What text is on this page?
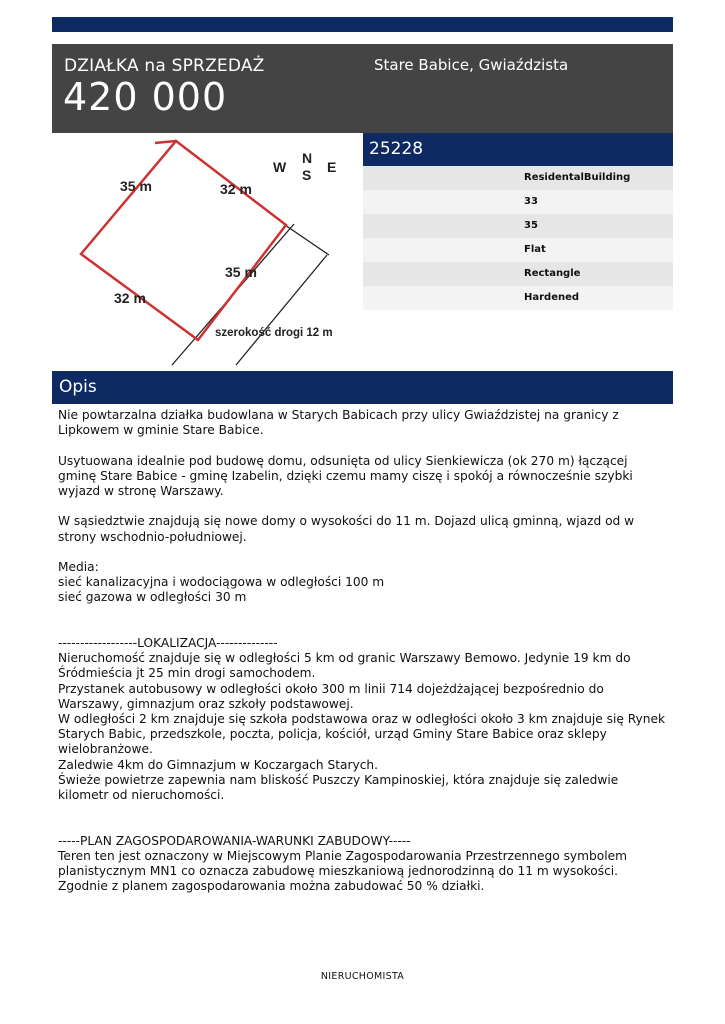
DZIAŁKA na SPRZEDAŻ
420 000
Stare Babice, Gwiaździsta
35 m	32 m
35 m
32 m
szerokość drogi 12 m
W
N
S E
25228
ResidentalBuilding
33
35
Flat
Rectangle
Hardened
Opis
Nie powtarzalna działka budowlana w Starych Babicach przy ulicy Gwiaździstej na granicy z
Lipkowem w gminie Stare Babice.

Usytuowana idealnie pod budowę domu, odsunięta od ulicy Sienkiewicza (ok 270 m) łączącej
gminę Stare Babice - gminę Izabelin, dzięki czemu mamy ciszę i spokój a równocześnie szybki
wyjazd w stronę Warszawy.

W sąsiedztwie znajdują się nowe domy o wysokości do 11 m. Dojazd ulicą gminną, wjazd od w
strony wschodnio-południowej.

Media:
sieć kanalizacyjna i wodociągowa w odległości 100 m
sieć gazowa w odległości 30 m

------------------LOKALIZACJA--------------
Nieruchomość znajduje się w odległości 5 km od granic Warszawy Bemowo. Jedynie 19 km do
Śródmieścia jt 25 min drogi samochodem.
Przystanek autobusowy w odległości około 300 m linii 714 dojeżdżającej bezpośrednio do
Warszawy, gimnazjum oraz szkoły podstawowej.
W odległości 2 km znajduje się szkoła podstawowa oraz w odległości około 3 km znajduje się Rynek
Starych Babic, przedszkole, poczta, policja, kościół, urząd Gminy Stare Babice oraz sklepy
wielobranżowe.
Zaledwie 4km do Gimnazjum w Koczargach Starych.
Świeże powietrze zapewnia nam bliskość Puszczy Kampinoskiej, która znajduje się zaledwie
kilometr od nieruchomości.

-----PLAN ZAGOSPODAROWANIA-WARUNKI ZABUDOWY-----
Teren ten jest oznaczony w Miejscowym Planie Zagospodarowania Przestrzennego symbolem
planistycznym MN1 co oznacza zabudowę mieszkaniową jednorodzinną do 11 m wysokości.
Zgodnie z planem zagospodarowania można zabudować 50 % działki.
NIERUCHOMISTA
